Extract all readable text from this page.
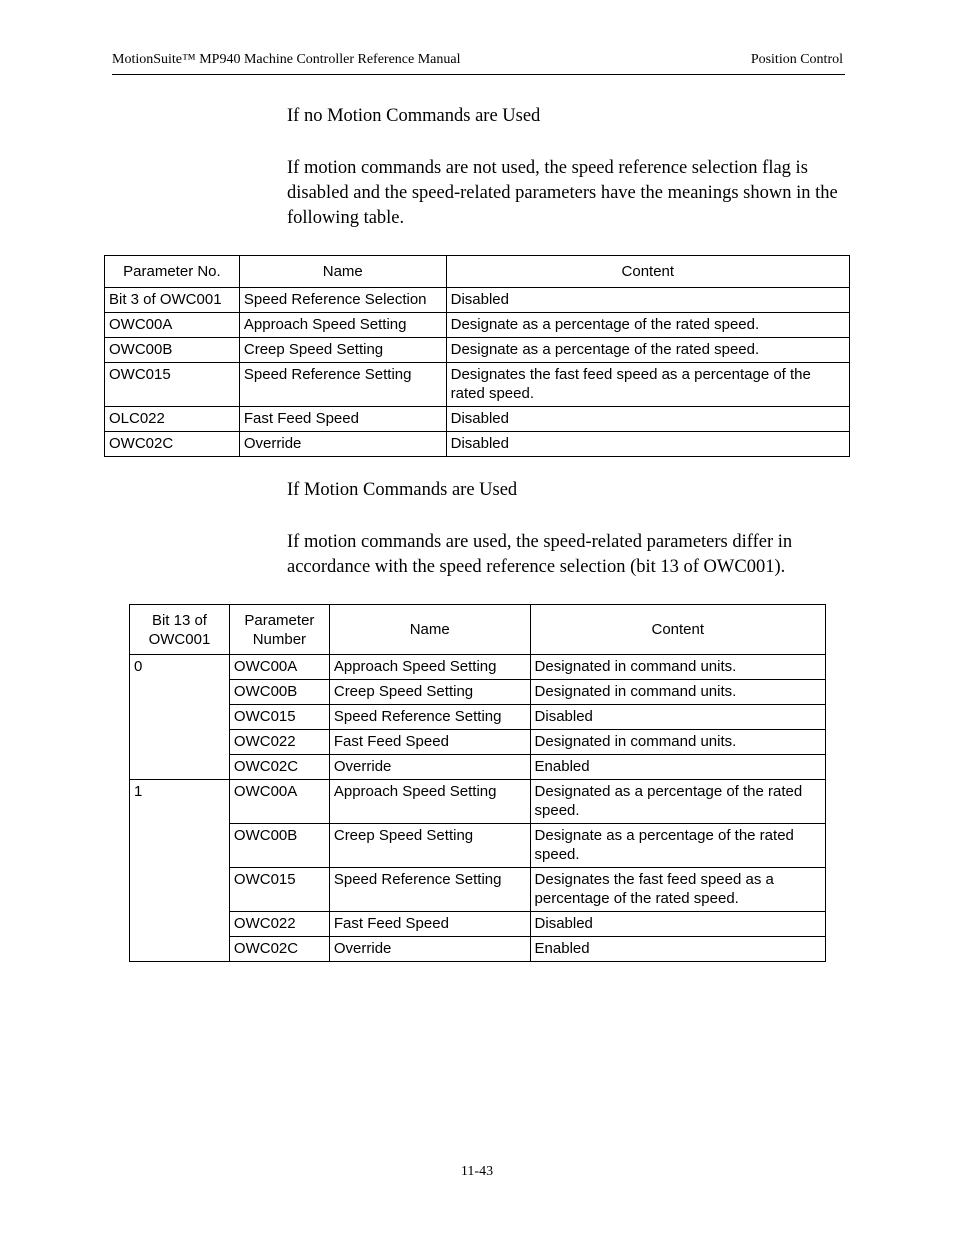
MotionSuite™ MP940 Machine Controller Reference Manual	Position Control

If no Motion Commands are Used

If motion commands are not used, the speed reference selection flag is disabled and the speed-related parameters have the meanings shown in the following table.

Parameter No.	Name	Content
Bit 3 of OWC001	Speed Reference Selection	Disabled
OWC00A	Approach Speed Setting	Designate as a percentage of the rated speed.
OWC00B	Creep Speed Setting	Designate as a percentage of the rated speed.
OWC015	Speed Reference Setting	Designates the fast feed speed as a percentage of the rated speed.
OLC022	Fast Feed Speed	Disabled
OWC02C	Override	Disabled

If Motion Commands are Used

If motion commands are used, the speed-related parameters differ in accordance with the speed reference selection (bit 13 of OWC001).

Bit 13 of OWC001	Parameter Number	Name	Content
0	OWC00A	Approach Speed Setting	Designated in command units.
	OWC00B	Creep Speed Setting	Designated in command units.
	OWC015	Speed Reference Setting	Disabled
	OWC022	Fast Feed Speed	Designated in command units.
	OWC02C	Override	Enabled
1	OWC00A	Approach Speed Setting	Designated as a percentage of the rated speed.
	OWC00B	Creep Speed Setting	Designate as a percentage of the rated speed.
	OWC015	Speed Reference Setting	Designates the fast feed speed as a percentage of the rated speed.
	OWC022	Fast Feed Speed	Disabled
	OWC02C	Override	Enabled
11-43
